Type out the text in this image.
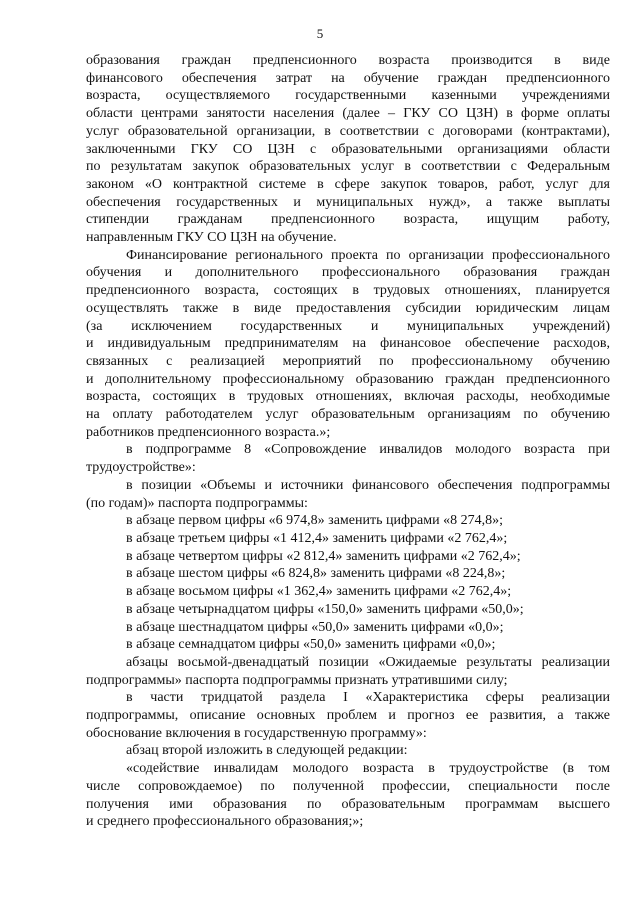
5

образования граждан предпенсионного возраста производится в виде

финансового обеспечения затрат на обучение граждан предпенсионного

возраста, осуществляемого государственными казенными учреждениями

области центрами занятости населения (далее – ГКУ СО ЦЗН) в форме оплаты

услуг образовательной организации, в соответствии с договорами (контрактами),

заключенными ГКУ СО ЦЗН с образовательными организациями области

по результатам закупок образовательных услуг в соответствии с Федеральным

законом «О контрактной системе в сфере закупок товаров, работ, услуг для

обеспечения государственных и муниципальных нужд», а также выплаты

стипендии гражданам предпенсионного возраста, ищущим работу,

направленным ГКУ СО ЦЗН на обучение.

Финансирование регионального проекта по организации профессионального

обучения и дополнительного профессионального образования граждан

предпенсионного возраста, состоящих в трудовых отношениях, планируется

осуществлять также в виде предоставления субсидии юридическим лицам

(за исключением государственных и муниципальных учреждений)

и индивидуальным предпринимателям на финансовое обеспечение расходов,

связанных с реализацией мероприятий по профессиональному обучению

и дополнительному профессиональному образованию граждан предпенсионного

возраста, состоящих в трудовых отношениях, включая расходы, необходимые

на оплату работодателем услуг образовательным организациям по обучению

работников предпенсионного возраста.»;

в подпрограмме 8 «Сопровождение инвалидов молодого возраста при

трудоустройстве»:

в позиции «Объемы и источники финансового обеспечения подпрограммы

(по годам)» паспорта подпрограммы:

в абзаце первом цифры «6 974,8» заменить цифрами «8 274,8»;

в абзаце третьем цифры «1 412,4» заменить цифрами «2 762,4»;

в абзаце четвертом цифры «2 812,4» заменить цифрами «2 762,4»;

в абзаце шестом цифры «6 824,8» заменить цифрами «8 224,8»;

в абзаце восьмом цифры «1 362,4» заменить цифрами «2 762,4»;

в абзаце четырнадцатом цифры «150,0» заменить цифрами «50,0»;

в абзаце шестнадцатом цифры «50,0» заменить цифрами «0,0»;

в абзаце семнадцатом цифры «50,0» заменить цифрами «0,0»;

абзацы восьмой-двенадцатый позиции «Ожидаемые результаты реализации

подпрограммы» паспорта подпрограммы признать утратившими силу;

в части тридцатой раздела I «Характеристика сферы реализации

подпрограммы, описание основных проблем и прогноз ее развития, а также

обоснование включения в государственную программу»:

абзац второй изложить в следующей редакции:

«содействие инвалидам молодого возраста в трудоустройстве (в том

числе сопровождаемое) по полученной профессии, специальности после

получения ими образования по образовательным программам высшего

и среднего профессионального образования;»;
